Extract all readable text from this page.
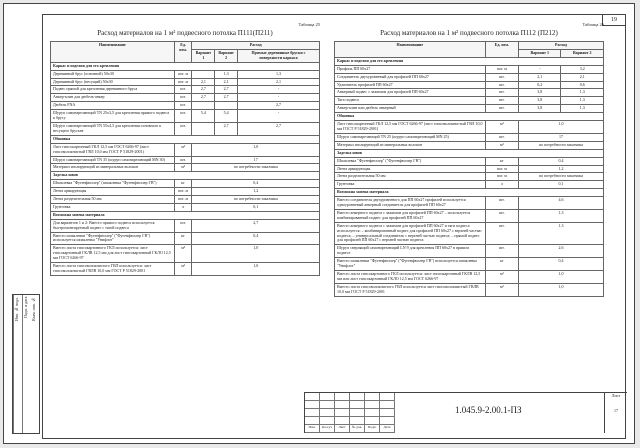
19
Инв. № подл.	Подп. и дата Взам. инв. №
Таблица 25
Расход материалов на 1 м² подвесного потолка П111(П211)
Наименование	Ед. изм.	Расход		
		Вариант 1	Вариант 2	Прямые деревянные бруски с поверхности каркаса
Каркас и изделия для его крепления				
Деревянный брус (основной) 50х30	пог. м		1,3	1,3
Деревянный брус (несущий) 50х30	пог. м	2,1	2,1	2,1
Подвес прямой для крепления деревянного бруса	шт.	2,7	2,7	-
Анкер-клин для дюбель-анкер	шт.	2,7	2,7	-
Дюбель FNA	шт.			2,7
Шуруп самонарезающий TN 25x3,5 для крепления прямого подвеса к брусу	шт.	5,4	5,4	-
Шуруп самонарезающий TN 55x4,3 для крепления основного к несущего брусьев	шт.		2,7	2,7
Обшивка				
Лист гипсокартонный ГКЛ 12,5 мм ГОСТ 6266-97 (лист гипсоволокнистый ГВЛ 10,0 мм ГОСТ Р 51829-2001)	м²	1,0		
Шуруп самонарезающий TN 35 (шуруп самонарезающий MN 30)	шт.	17		
Материал изолирующий из минеральных волокон	м²	по потребности заказчика		
Заделка швов				
Шпаклевка "Фугенфюллер" (шпаклевка "Фугенфюллер ГВ")	кг	0,4		
Лента армирующая	пог. м	1,2		
Лента разделительная 50 мм	пог. м	по потребности заказчика		
Грунтовка	л	0,1		
Возможна замена материала				
Для вариантов 1 и 2: Вместо прямого подвеса используется быстромонтируемый подвес с тягой подвеса	шт.	2,7		
Вместо шпаклевки "Фугенфюллер" ("Фугенфюллер ГВ") используется шпаклевка "Унифлот"	кг	0,4		
Вместо листа гипсокартонного ГКЛ используется: лист гипсокартонный ГКЛВ 12,5 мм для лист гипсокартонный ГКЛО 12,5 мм ГОСТ 6266-97	м²	1,0		
Вместо листа гипсоволокнистого ГВЛ используется: лист гипсоволокнистый ГВЛВ 10,0 мм ГОСТ Р 51829-2001	м²	1,0		
Таблица 26
Расход материалов на 1 м² подвесного потолка П112 (П212)
Наименование	Ед. изм.	Расход	
		Вариант 1	Вариант 2
Каркас и изделия для его крепления			
Профиль ПП 60х27	пог. м	-	3,2
Соединитель двухуровневый для профилей ПП 60х27	шт.	2,1	2,1
Удлинитель профилей ПП 60х27	шт.	0,2	0,6
Анкерный подвес с зажимом для профилей ПП 60х27	шт.	3,8	1,3
Тяга подвеса	шт.	3,8	1,3
Анкер-клин или дюбель анкерный	шт.	3,8	1,3
Обшивка			
Лист гипсокартонный ГКЛ 12,5 мм ГОСТ 6266-97 (лист гипсоволокнистый ГВЛ 10,0 мм ГОСТ Р 51829-2001)	м²	1,0	
Шуруп самонарезающий TN 25 (шуруп самонарезающий MN 25)	шт.	17	
Материал изолирующий из минеральных волокон	м²	по потребности заказчика	
Заделка швов			
Шпаклевка "Фугенфюллер" ("Фугенфюллер ГВ")	кг	0,4	
Лента армирующая	пог. м	1,2	
Лента разделительная 50 мм	пог. м	по потребности заказчика	
Грунтовка	л	0,1	
Возможна замена материала			
Вместо соединителя двухуровневого для ПП 60х27 профилей используется одноуровневый анкерный соединитель для профилей ПП 60х27	шт.	4,6	
Вместо анкерного подвеса с зажимом для профилей ПП 60х27 – используется комбинированный подвес для профилей ПП 60х27	шт.	1,3	
Вместо анкерного подвеса с зажимом для профилей ПП 60х27 и тяги подвеса используется: – комбинированный подвес для профилей ПП 60х27 с верхней частью подвеса; – универсальный соединитель с верхней частью подвеса; – прямой подвес для профилей ПП 60х27 с верхней частью подвеса	шт.	1,3	
Шуруп сверлящий самонарезающий LN 9 для крепления ПП 60х27 в прямом подвесе	шт.	2,6	
Вместо шпаклевки "Фугенфюллер" ("Фугенфюллер ГВ") используется шпаклевка "Унифлот"	кг	0,4	
Вместо листа гипсокартонного ГКЛ используется: лист гипсокартонный ГКЛВ 12,5 мм или лист гипсокартонный ГКЛО 12,5 мм ГОСТ 6266-97	м²	1,0	
Вместо листа гипсоволокнистого ГВЛ используется лист гипсоволокнистый ГВЛВ 10,0 мм ГОСТ Р 51829-2001	м²	1,0	
Изм.	Кол.уч	Лист	№ док.	Подп.	Дата
1.045.9-2.00.1-ПЗ
Лист
17
